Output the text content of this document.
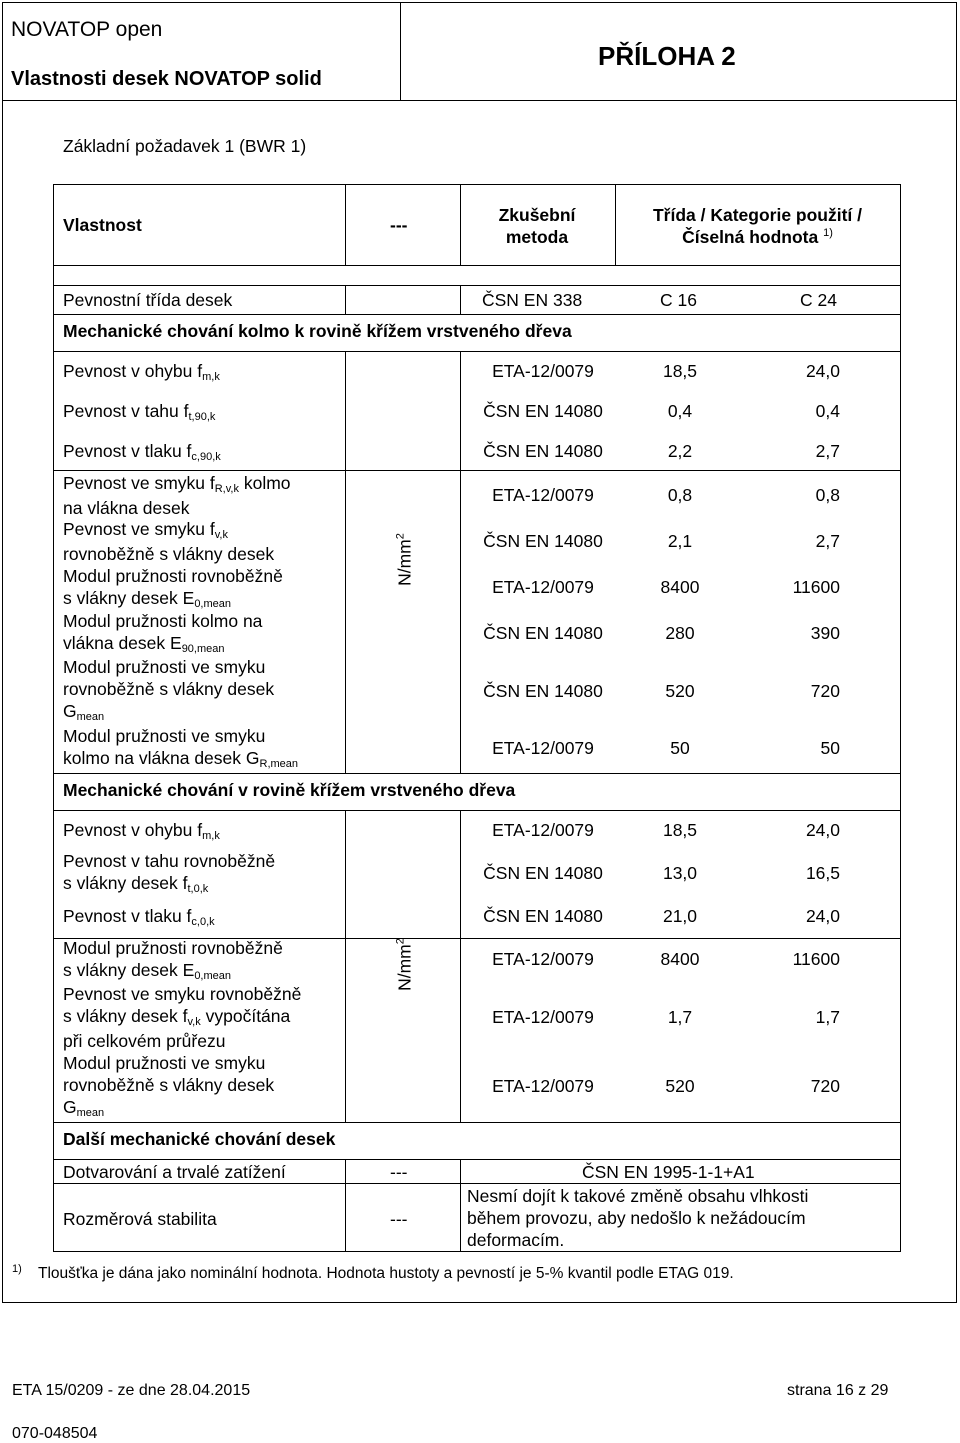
NOVATOP open
Vlastnosti desek NOVATOP solid
PŘÍLOHA 2
Základní požadavek 1 (BWR 1)
Vlastnost	---	Zkušební
metoda
Třída / Kategorie použití /
Číselná hodnota $^{1)}$
Pevnostní třída desek	ČSN EN 338	C 16	C 24
Mechanické chování kolmo k rovině křížem vrstveného dřeva
Pevnost v ohybu fm,k	ETA-12/0079	18,5	24,0
Pevnost v tahu ft,90,k	ČSN EN 14080	0,4	0,4
Pevnost v tlaku fc,90,k	ČSN EN 14080	2,2	2,7
Pevnost ve smyku fR,v,k kolmo
na vlákna desek
ETA-12/0079	0,8	0,8
Pevnost ve smyku fv,k
rovnoběžně s vlákny desek
ČSN EN 14080	2,1	2,7
Modul pružnosti rovnoběžně
s vlákny desek E0,mean
ETA-12/0079	8400	11600
Modul pružnosti kolmo na
vlákna desek E90,mean
ČSN EN 14080	280	390
Modul pružnosti ve smyku
rovnoběžně s vlákny desek
Gmean
ČSN EN 14080	520	720
Modul pružnosti ve smyku
kolmo na vlákna desek GR,mean
ETA-12/0079	50	50
$N/mm^2$
Mechanické chování v rovině křížem vrstveného dřeva
Pevnost v ohybu fm,k	ETA-12/0079	18,5	24,0
Pevnost v tahu rovnoběžně
s vlákny desek ft,0,k
ČSN EN 14080	13,0	16,5
Pevnost v tlaku fc,0,k	ČSN EN 14080	21,0	24,0
Modul pružnosti rovnoběžně
s vlákny desek E0,mean
ETA-12/0079	8400	11600
Pevnost ve smyku rovnoběžně
s vlákny desek fv,k vypočítána
při celkovém průřezu
ETA-12/0079	1,7	1,7
Modul pružnosti ve smyku
rovnoběžně s vlákny desek
Gmean
ETA-12/0079	520	720
$N/mm^2$
Další mechanické chování desek
Dotvarování a trvalé zatížení	---	ČSN EN 1995-1-1+A1
Rozměrová stabilita	---
Nesmí dojít k takové změně obsahu vlhkosti
během provozu, aby nedošlo k nežádoucím
deformacím.
1) Tloušťka je dána jako nominální hodnota. Hodnota hustoty a pevností je 5-% kvantil podle ETAG 019.
ETA 15/0209 - ze dne 28.04.2015	strana 16 z 29
070-048504
